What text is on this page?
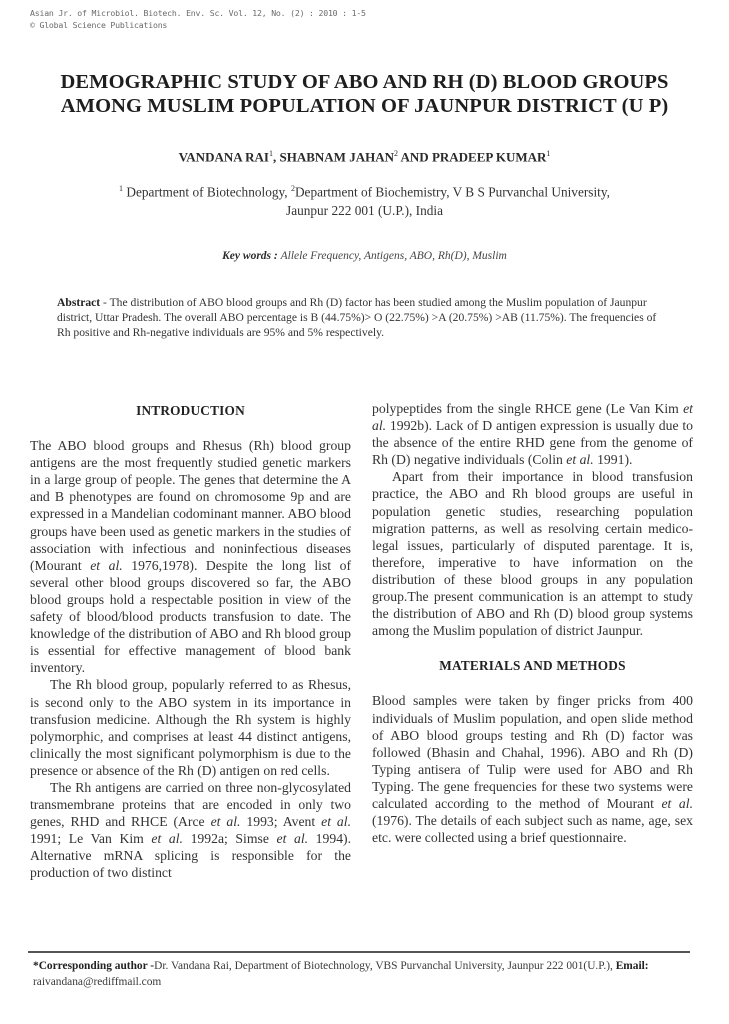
Asian Jr. of Microbiol. Biotech. Env. Sc. Vol. 12, No. (2) : 2010 : 1-5
© Global Science Publications
DEMOGRAPHIC STUDY OF ABO AND RH (D) BLOOD GROUPS
AMONG MUSLIM POPULATION OF JAUNPUR DISTRICT (U P)
VANDANA RAI$^1$, SHABNAM JAHAN$^2$ AND PRADEEP KUMAR$^1$
$^1$ Department of Biotechnology, $^2$Department of Biochemistry, V B S Purvanchal University,
Jaunpur 222 001 (U.P.), India
Key words : Allele Frequency, Antigens, ABO, Rh(D), Muslim
Abstract - The distribution of ABO blood groups and Rh (D) factor has been studied among the Muslim population of Jaunpur district, Uttar Pradesh. The overall ABO percentage is B (44.75%)> O (22.75%) >A (20.75%) >AB (11.75%). The frequencies of Rh positive and Rh-negative individuals are 95% and 5% respectively.
INTRODUCTION

The ABO blood groups and Rhesus (Rh) blood group antigens are the most frequently studied genetic markers in a large group of people. The genes that determine the A and B phenotypes are found on chromosome 9p and are expressed in a Mandelian codominant manner. ABO blood groups have been used as genetic markers in the studies of association with infectious and noninfectious diseases (Mourant et al. 1976,1978). Despite the long list of several other blood groups discovered so far, the ABO blood groups hold a respectable position in view of the safety of blood/blood products transfusion to date. The knowledge of the distribution of ABO and Rh blood group is essential for effective management of blood bank inventory.

The Rh blood group, popularly referred to as Rhesus, is second only to the ABO system in its importance in transfusion medicine. Although the Rh system is highly polymorphic, and comprises at least 44 distinct antigens, clinically the most significant polymorphism is due to the presence or absence of the Rh (D) antigen on red cells.

The Rh antigens are carried on three non-glycosylated transmembrane proteins that are encoded in only two genes, RHD and RHCE (Arce et al. 1993; Avent et al. 1991; Le Van Kim et al. 1992a; Simse et al. 1994). Alternative mRNA splicing is responsible for the production of two distinct

polypeptides from the single RHCE gene (Le Van Kim et al. 1992b). Lack of D antigen expression is usually due to the absence of the entire RHD gene from the genome of Rh (D) negative individuals (Colin et al. 1991).

Apart from their importance in blood transfusion practice, the ABO and Rh blood groups are useful in population genetic studies, researching population migration patterns, as well as resolving certain medico-legal issues, particularly of disputed parentage. It is, therefore, imperative to have information on the distribution of these blood groups in any population group.The present communication is an attempt to study the distribution of ABO and Rh (D) blood group systems among the Muslim population of district Jaunpur.

MATERIALS AND METHODS

Blood samples were taken by finger pricks from 400 individuals of Muslim population, and open slide method of ABO blood groups testing and Rh (D) factor was followed (Bhasin and Chahal, 1996). ABO and Rh (D) Typing antisera of Tulip were used for ABO and Rh Typing. The gene frequencies for these two systems were calculated according to the method of Mourant et al. (1976). The details of each subject such as name, age, sex etc. were collected using a brief questionnaire.

*Corresponding author -Dr. Vandana Rai, Department of Biotechnology, VBS Purvanchal University, Jaunpur 222 001(U.P.), Email: raivandana@rediffmail.com
